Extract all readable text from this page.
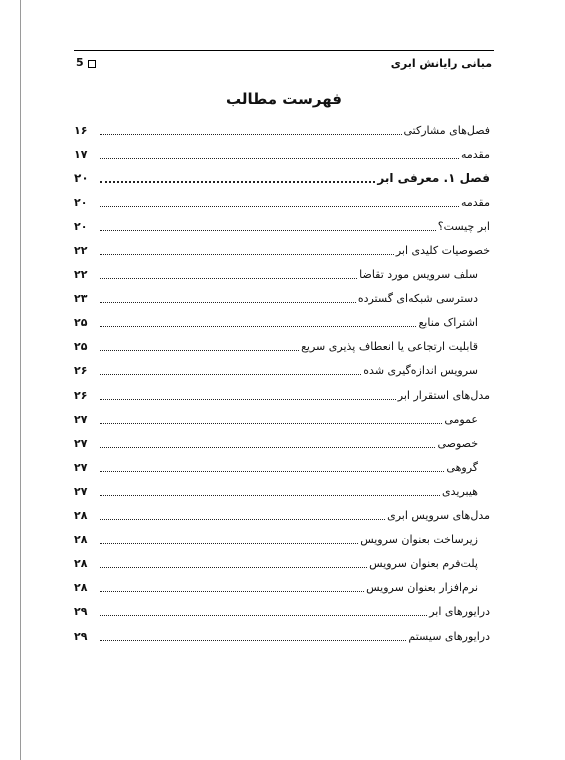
مبانی رایانش ابری
5
فهرست مطالب
فصل‌های مشارکتی
۱۶
مقدمه
۱۷
فصل ۱. معرفی ابر
۲۰
مقدمه
۲۰
ابر چیست؟
۲۰
خصوصیات کلیدی ابر
۲۲
سلف سرویس مورد تقاضا
۲۲
دسترسی شبکه‌ای گسترده
۲۳
اشتراک منابع
۲۵
قابلیت ارتجاعی یا انعطاف پذیری سریع
۲۵
سرویس اندازه‌گیری شده
۲۶
مدل‌های استقرار ابر
۲۶
عمومی
۲۷
خصوصی
۲۷
گروهی
۲۷
هیبریدی
۲۷
مدل‌های سرویس ابری
۲۸
زیرساخت بعنوان سرویس
۲۸
پلت‌فرم بعنوان سرویس
۲۸
نرم‌افزار بعنوان سرویس
۲۸
درایورهای ابر
۲۹
درایورهای سیستم
۲۹
